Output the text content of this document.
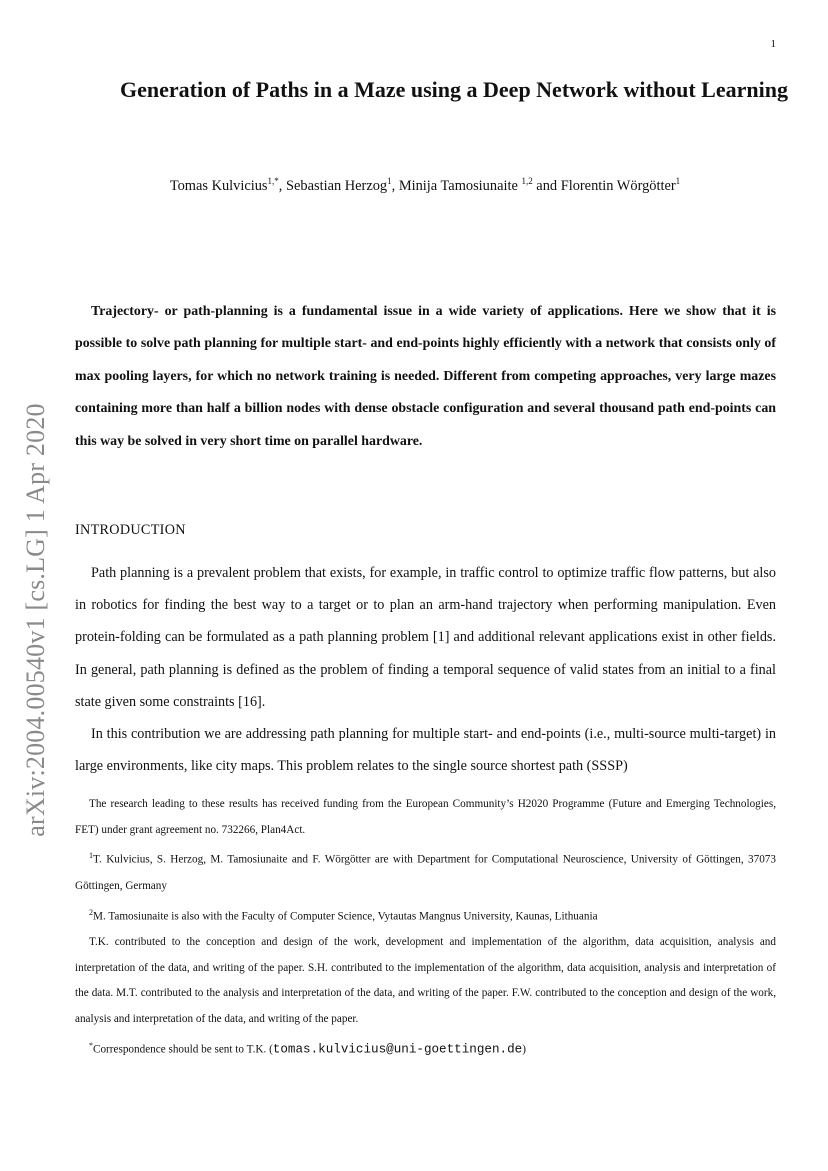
1
arXiv:2004.00540v1 [cs.LG] 1 Apr 2020
Generation of Paths in a Maze using a Deep Network without Learning
Tomas Kulvicius$^{1,*}$, Sebastian Herzog$^1$, Minija Tamosiunaite $^{1,2}$ and Florentin Wörgötter$^1$

Trajectory- or path-planning is a fundamental issue in a wide variety of applications. Here we show that it is possible to solve path planning for multiple start- and end-points highly efficiently with a network that consists only of max pooling layers, for which no network training is needed. Different from competing approaches, very large mazes containing more than half a billion nodes with dense obstacle configuration and several thousand path end-points can this way be solved in very short time on parallel hardware.

INTRODUCTION

Path planning is a prevalent problem that exists, for example, in traffic control to optimize traffic flow patterns, but also in robotics for finding the best way to a target or to plan an arm-hand trajectory when performing manipulation. Even protein-folding can be formulated as a path planning problem [1] and additional relevant applications exist in other fields. In general, path planning is defined as the problem of finding a temporal sequence of valid states from an initial to a final state given some constraints [16].

In this contribution we are addressing path planning for multiple start- and end-points (i.e., multi-source multi-target) in large environments, like city maps. This problem relates to the single source shortest path (SSSP)

The research leading to these results has received funding from the European Community’s H2020 Programme (Future and Emerging Technologies, FET) under grant agreement no. 732266, Plan4Act.

$^1$T. Kulvicius, S. Herzog, M. Tamosiunaite and F. Wörgötter are with Department for Computational Neuroscience, University of Göttingen, 37073 Göttingen, Germany

$^2$M. Tamosiunaite is also with the Faculty of Computer Science, Vytautas Mangnus University, Kaunas, Lithuania

T.K. contributed to the conception and design of the work, development and implementation of the algorithm, data acquisition, analysis and interpretation of the data, and writing of the paper. S.H. contributed to the implementation of the algorithm, data acquisition, analysis and interpretation of the data. M.T. contributed to the analysis and interpretation of the data, and writing of the paper. F.W. contributed to the conception and design of the work, analysis and interpretation of the data, and writing of the paper.

*Correspondence should be sent to T.K. (tomas.kulvicius@uni-goettingen.de)
